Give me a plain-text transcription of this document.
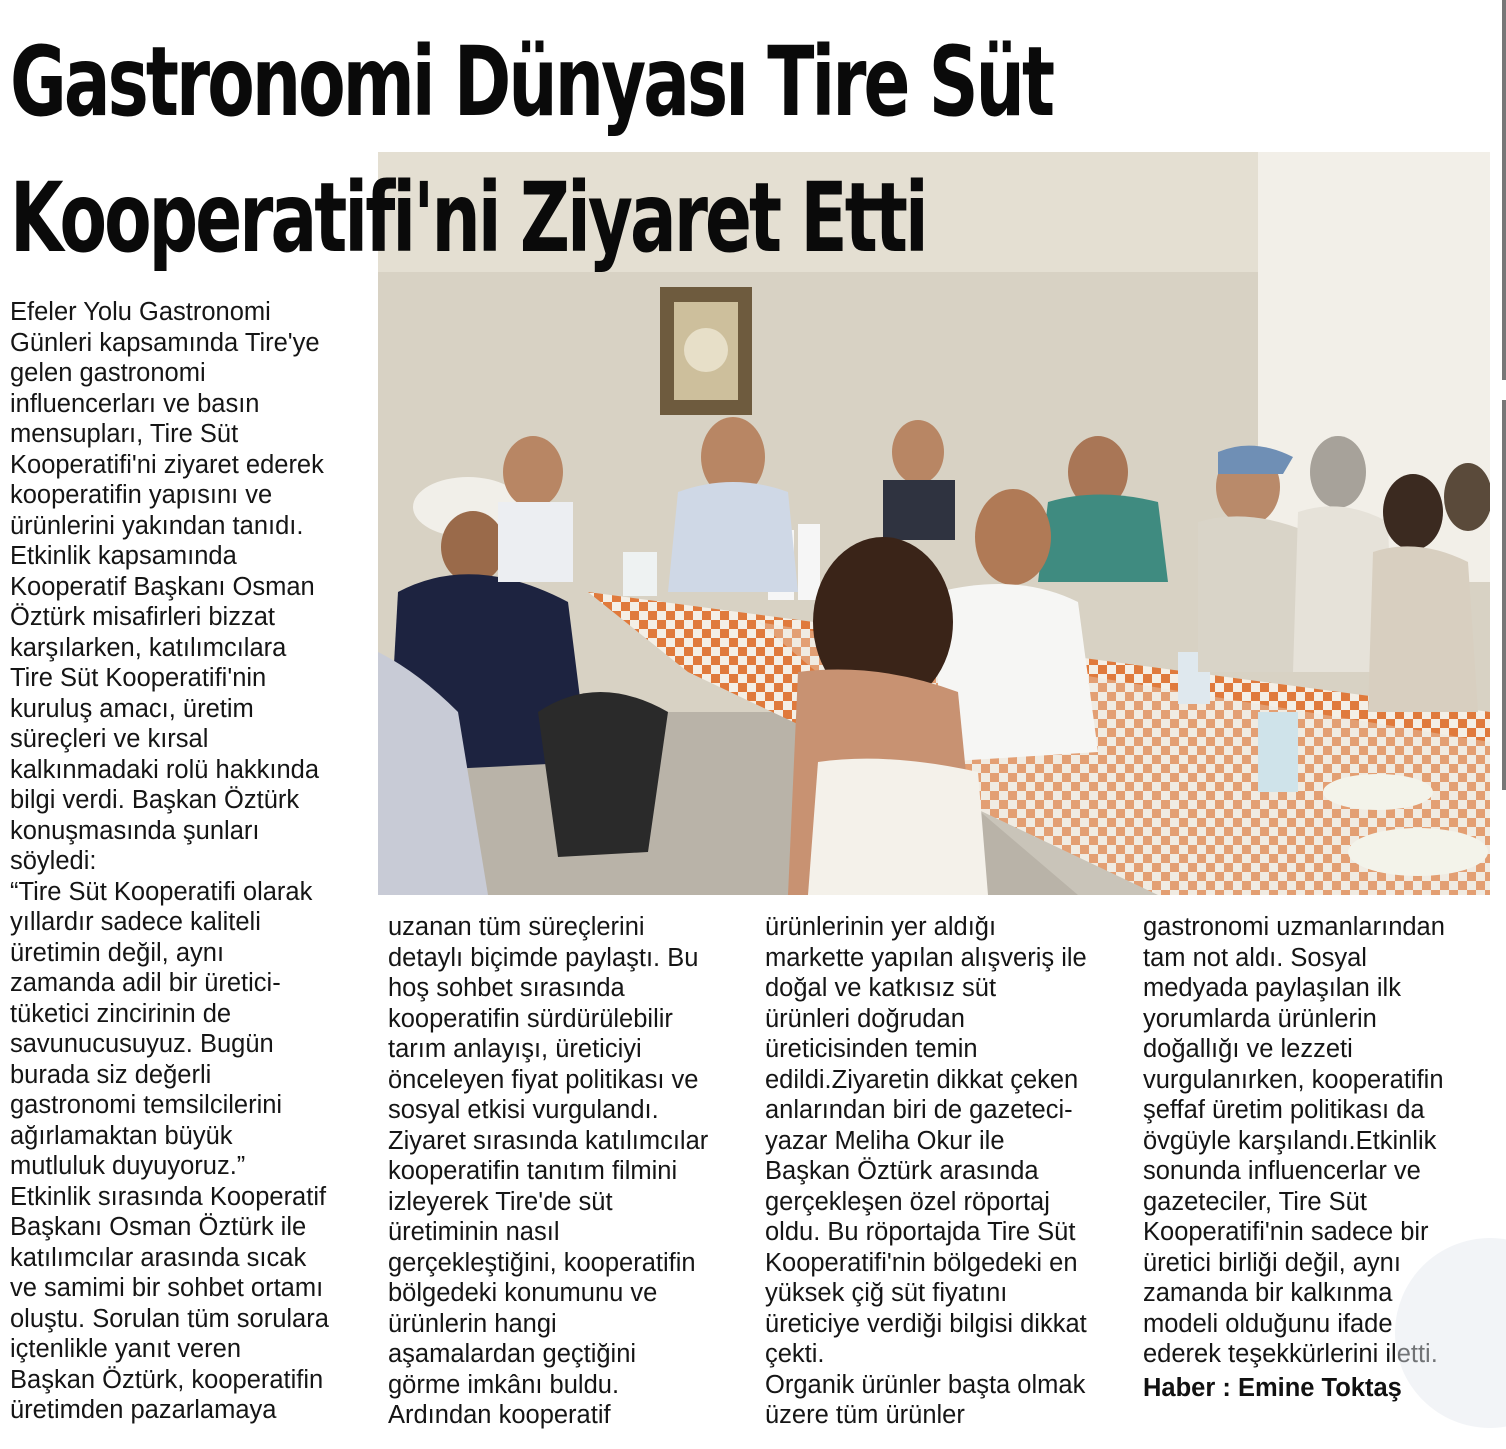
Gastronomi Dünyası Tire Süt
Kooperatifi'ni Ziyaret Etti

Efeler Yolu Gastronomi
Günleri kapsamında Tire'ye
gelen gastronomi
influencerları ve basın
mensupları, Tire Süt
Kooperatifi'ni ziyaret ederek
kooperatifin yapısını ve
ürünlerini yakından tanıdı.
Etkinlik kapsamında
Kooperatif Başkanı Osman
Öztürk misafirleri bizzat
karşılarken, katılımcılara
Tire Süt Kooperatifi'nin
kuruluş amacı, üretim
süreçleri ve kırsal
kalkınmadaki rolü hakkında
bilgi verdi. Başkan Öztürk
konuşmasında şunları
söyledi:
“Tire Süt Kooperatifi olarak
yıllardır sadece kaliteli
üretimin değil, aynı
zamanda adil bir üretici-
tüketici zincirinin de
savunucusuyuz. Bugün
burada siz değerli
gastronomi temsilcilerini
ağırlamaktan büyük
mutluluk duyuyoruz.”
Etkinlik sırasında Kooperatif
Başkanı Osman Öztürk ile
katılımcılar arasında sıcak
ve samimi bir sohbet ortamı
oluştu. Sorulan tüm sorulara
içtenlikle yanıt veren
Başkan Öztürk, kooperatifin
üretimden pazarlamaya

uzanan tüm süreçlerini
detaylı biçimde paylaştı. Bu
hoş sohbet sırasında
kooperatifin sürdürülebilir
tarım anlayışı, üreticiyi
önceleyen fiyat politikası ve
sosyal etkisi vurgulandı.
Ziyaret sırasında katılımcılar
kooperatifin tanıtım filmini
izleyerek Tire'de süt
üretiminin nasıl
gerçekleştiğini, kooperatifin
bölgedeki konumunu ve
ürünlerin hangi
aşamalardan geçtiğini
görme imkânı buldu.
Ardından kooperatif

ürünlerinin yer aldığı
markette yapılan alışveriş ile
doğal ve katkısız süt
ürünleri doğrudan
üreticisinden temin
edildi.Ziyaretin dikkat çeken
anlarından biri de gazeteci-
yazar Meliha Okur ile
Başkan Öztürk arasında
gerçekleşen özel röportaj
oldu. Bu röportajda Tire Süt
Kooperatifi'nin bölgedeki en
yüksek çiğ süt fiyatını
üreticiye verdiği bilgisi dikkat
çekti.
Organik ürünler başta olmak
üzere tüm ürünler

gastronomi uzmanlarından
tam not aldı. Sosyal
medyada paylaşılan ilk
yorumlarda ürünlerin
doğallığı ve lezzeti
vurgulanırken, kooperatifin
şeffaf üretim politikası da
övgüyle karşılandı.Etkinlik
sonunda influencerlar ve
gazeteciler, Tire Süt
Kooperatifi'nin sadece bir
üretici birliği değil, aynı
zamanda bir kalkınma
modeli olduğunu ifade
ederek teşekkürlerini iletti.

Haber : Emine Toktaş
